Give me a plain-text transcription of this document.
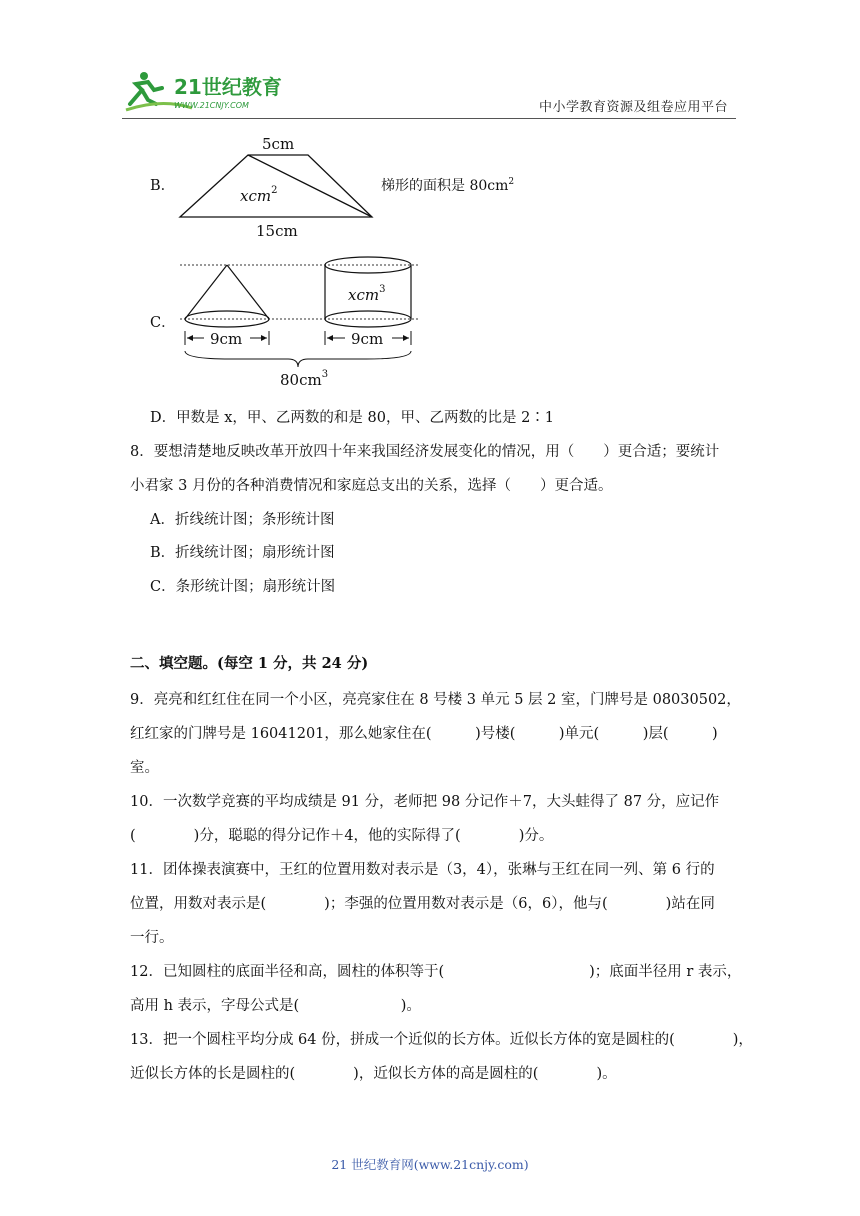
21世纪教育
WWW.21CNJY.COM	中小学教育资源及组卷应用平台
B．
5cm
xcm$^2$
15cm
梯形的面积是 $80cm^2$
C．
xcm$^3$
9cm	9cm
$80cm^3$
D．甲数是 x，甲、乙两数的和是 80，甲、乙两数的比是 2∶1
8．要想清楚地反映改革开放四十年来我国经济发展变化的情况，用（　　）更合适；要统计
小君家 3 月份的各种消费情况和家庭总支出的关系，选择（　　）更合适。
A．折线统计图；条形统计图
B．折线统计图；扇形统计图
C．条形统计图；扇形统计图
二、填空题。(每空 1 分，共 24 分)
9．亮亮和红红住在同一个小区，亮亮家住在 8 号楼 3 单元 5 层 2 室，门牌号是 08030502，
红红家的门牌号是 16041201，那么她家住在(　　　)号楼(　　　)单元(　　　)层(　　　)
室。
10．一次数学竞赛的平均成绩是 91 分，老师把 98 分记作＋7，大头蛙得了 87 分，应记作
(　　　　)分，聪聪的得分记作＋4，他的实际得了(　　　　)分。
11．团体操表演赛中，王红的位置用数对表示是（3，4），张琳与王红在同一列、第 6 行的
位置，用数对表示是(　　　　)；李强的位置用数对表示是（6，6），他与(　　　　)站在同
一行。
12．已知圆柱的底面半径和高，圆柱的体积等于(　　　　　　　　　　)；底面半径用 r 表示，
高用 h 表示，字母公式是(　　　　　　　)。
13．把一个圆柱平均分成 64 份，拼成一个近似的长方体。近似长方体的宽是圆柱的(　　　　)，
近似长方体的长是圆柱的(　　　　)，近似长方体的高是圆柱的(　　　　)。
21 世纪教育网(www.21cnjy.com)
